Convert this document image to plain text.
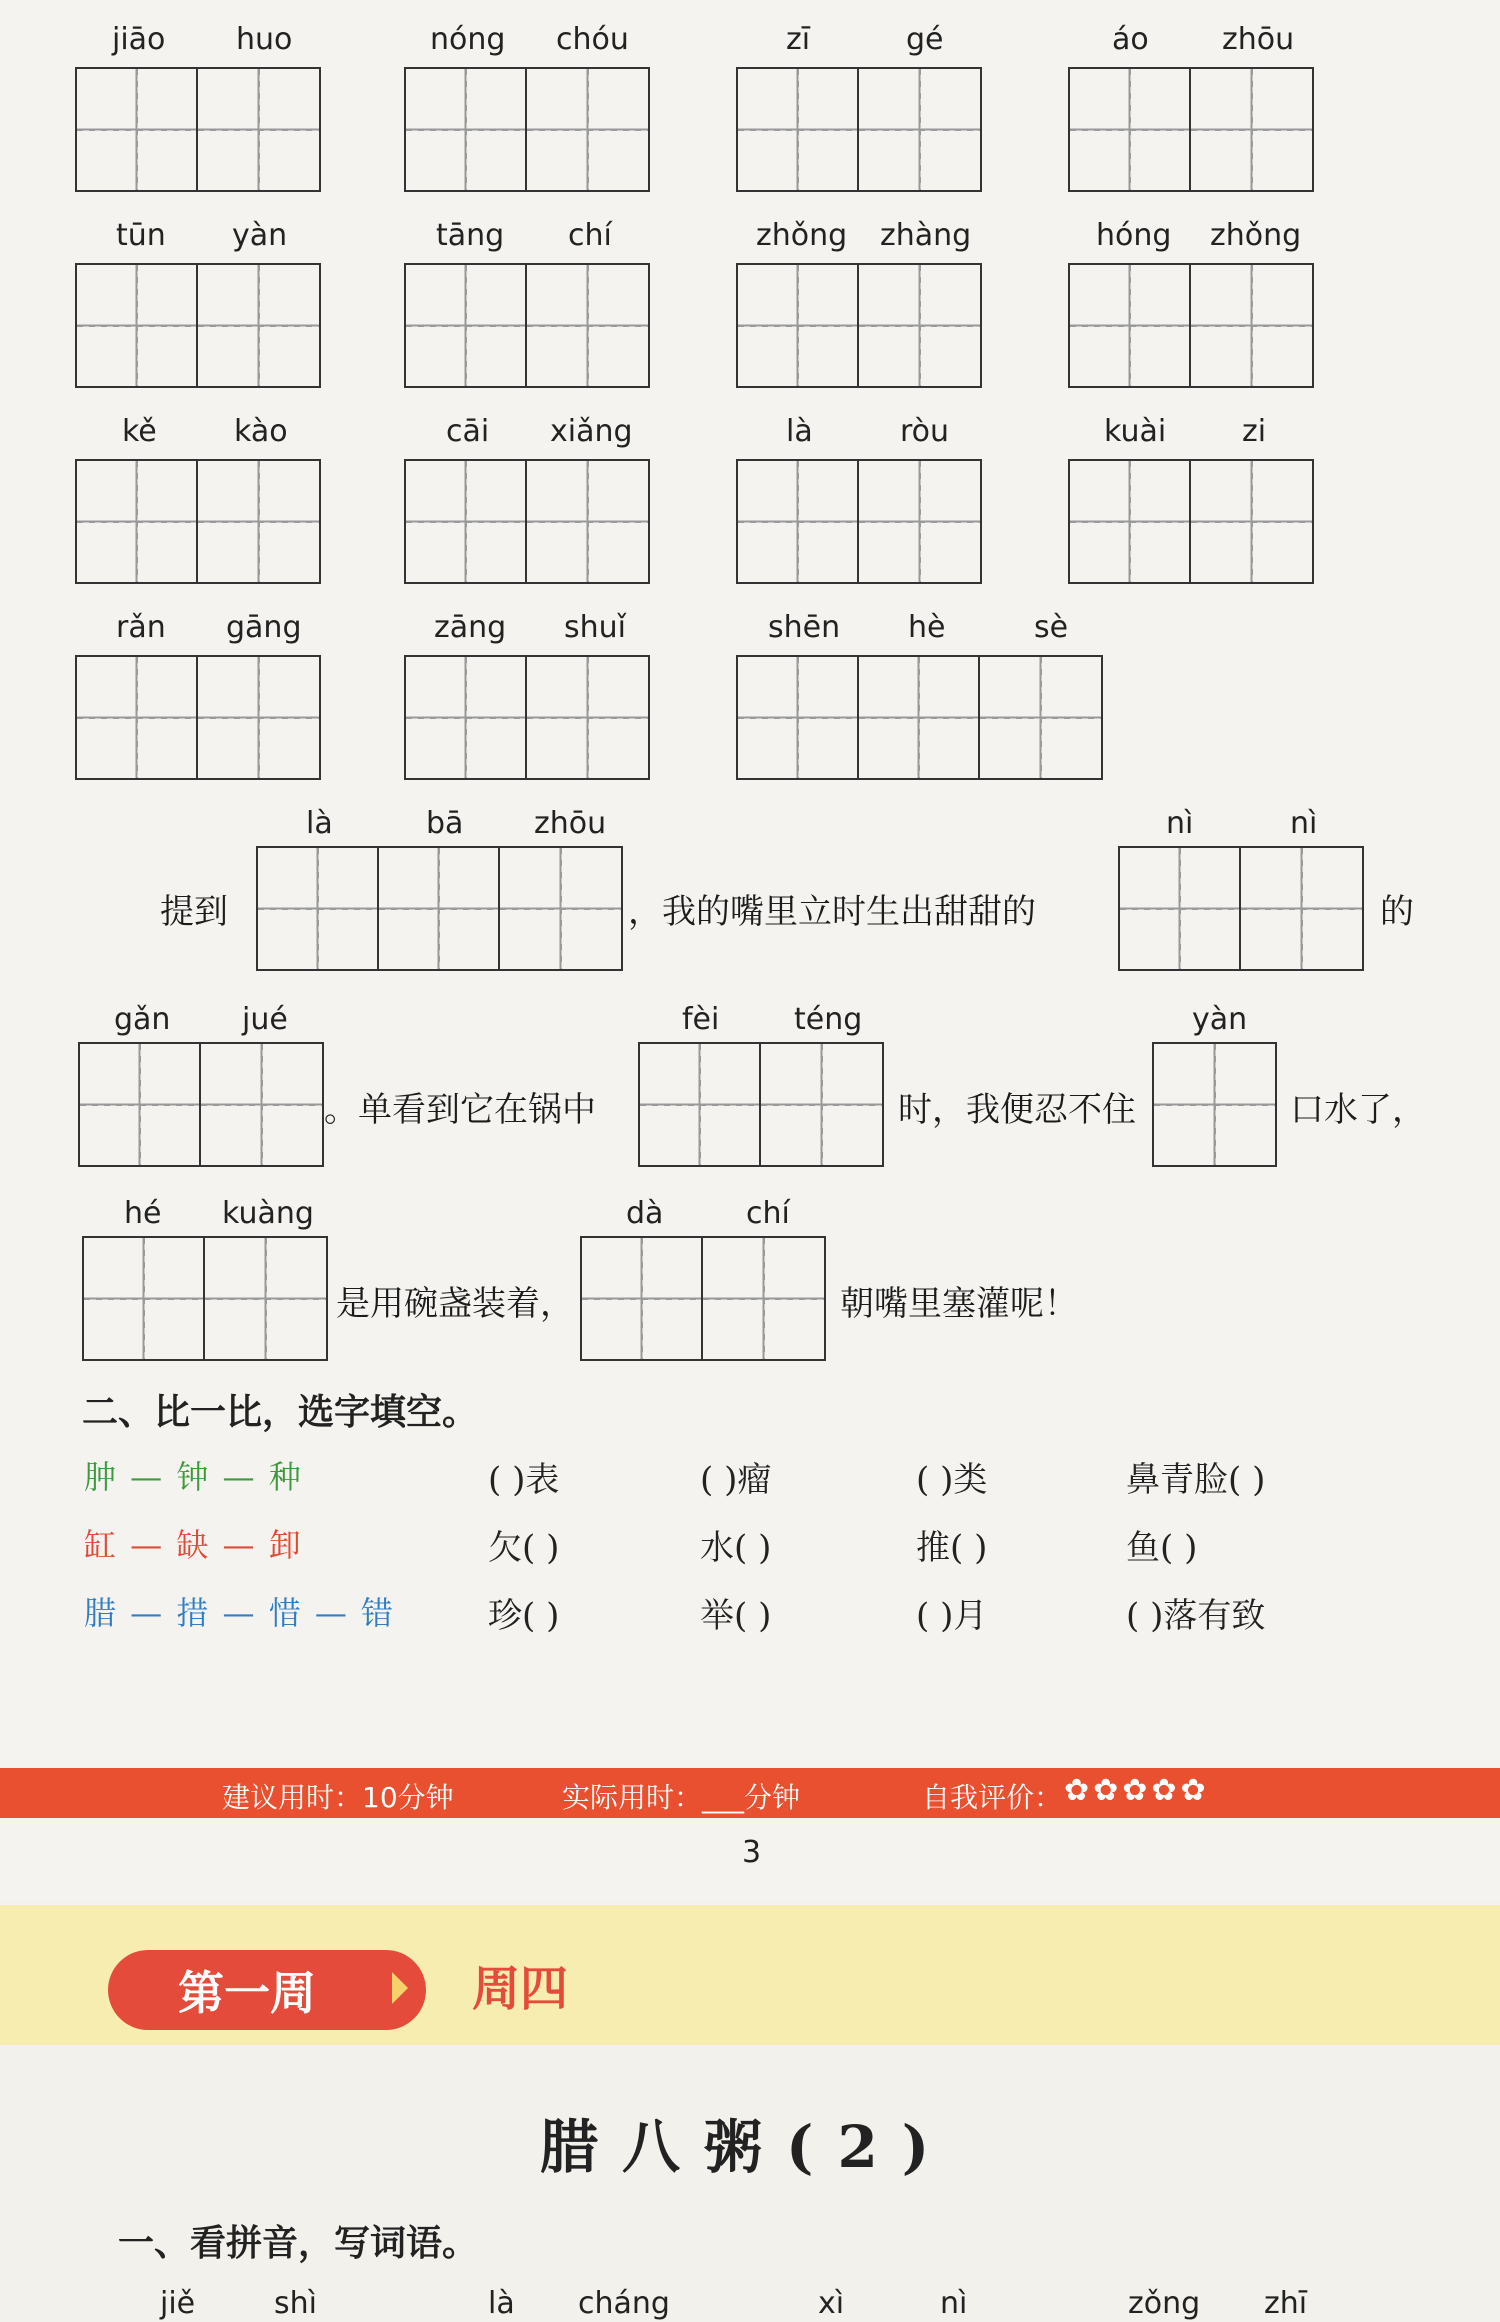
jiāo huo	nóng chóu	zī	gé	áo zhōu
tūn yàn	tāng chí	zhǒng zhàng	hóng zhǒng
kě	kào	cāi xiǎng	là	ròu	kuài	zi
rǎn gāng	zāng shuǐ	shēn hè	sè
là	bā zhōu	nì	nì
提到	，我的嘴里立时生出甜甜的	的
gǎn jué	fèi téng	yàn
。单看到它在锅中	时，我便忍不住	口水了，
hé kuàng	dà	chí
是用碗盏装着，	朝嘴里塞灌呢！
二、比一比，选字填空。
肿 — 钟 — 种	( )表	( )瘤	( )类	鼻青脸( )
缸 — 缺 — 卸	欠( )	水( )	推( )	鱼( )
腊 — 措 — 惜 — 错	珍( )	举( )	( )月	( )落有致
建议用时：10分钟	实际用时：___分钟	自我评价： ✿✿✿✿✿
3
第一周	周四
腊八粥(2)
一、看拼音，写词语。
jiě	shì	là cháng	xì	nì	zǒng zhī
